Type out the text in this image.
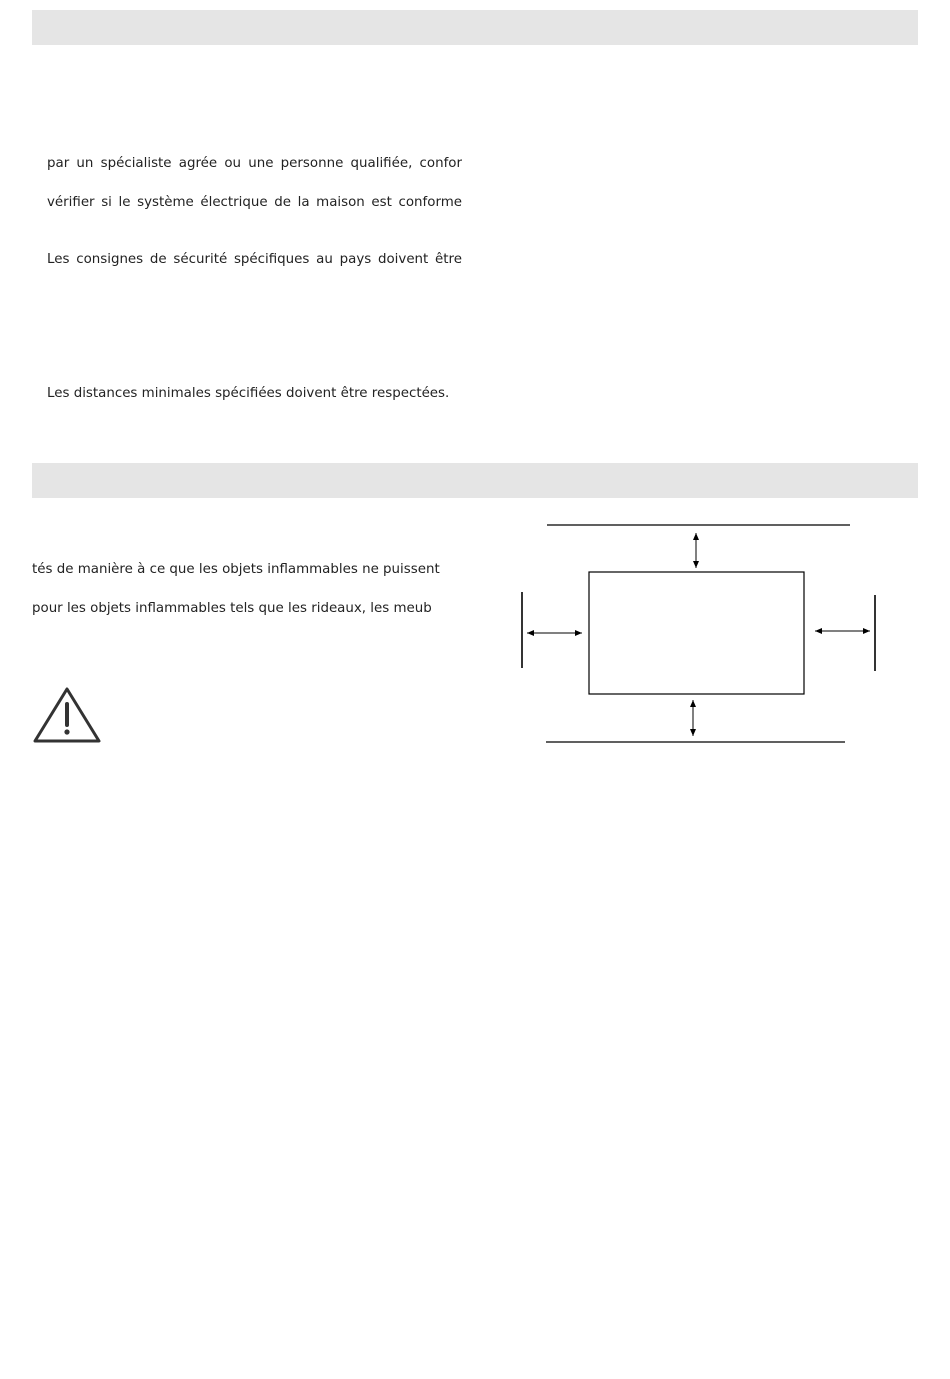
par un spécialiste agrée ou une personne qualifiée, confor
vérifier si le système électrique de la maison est conforme
Les consignes de sécurité spécifiques au pays doivent être
Les distances minimales spécifiées doivent être respectées.
tés de manière à ce que les objets inflammables ne puissent
pour les objets inflammables tels que les rideaux, les meub
